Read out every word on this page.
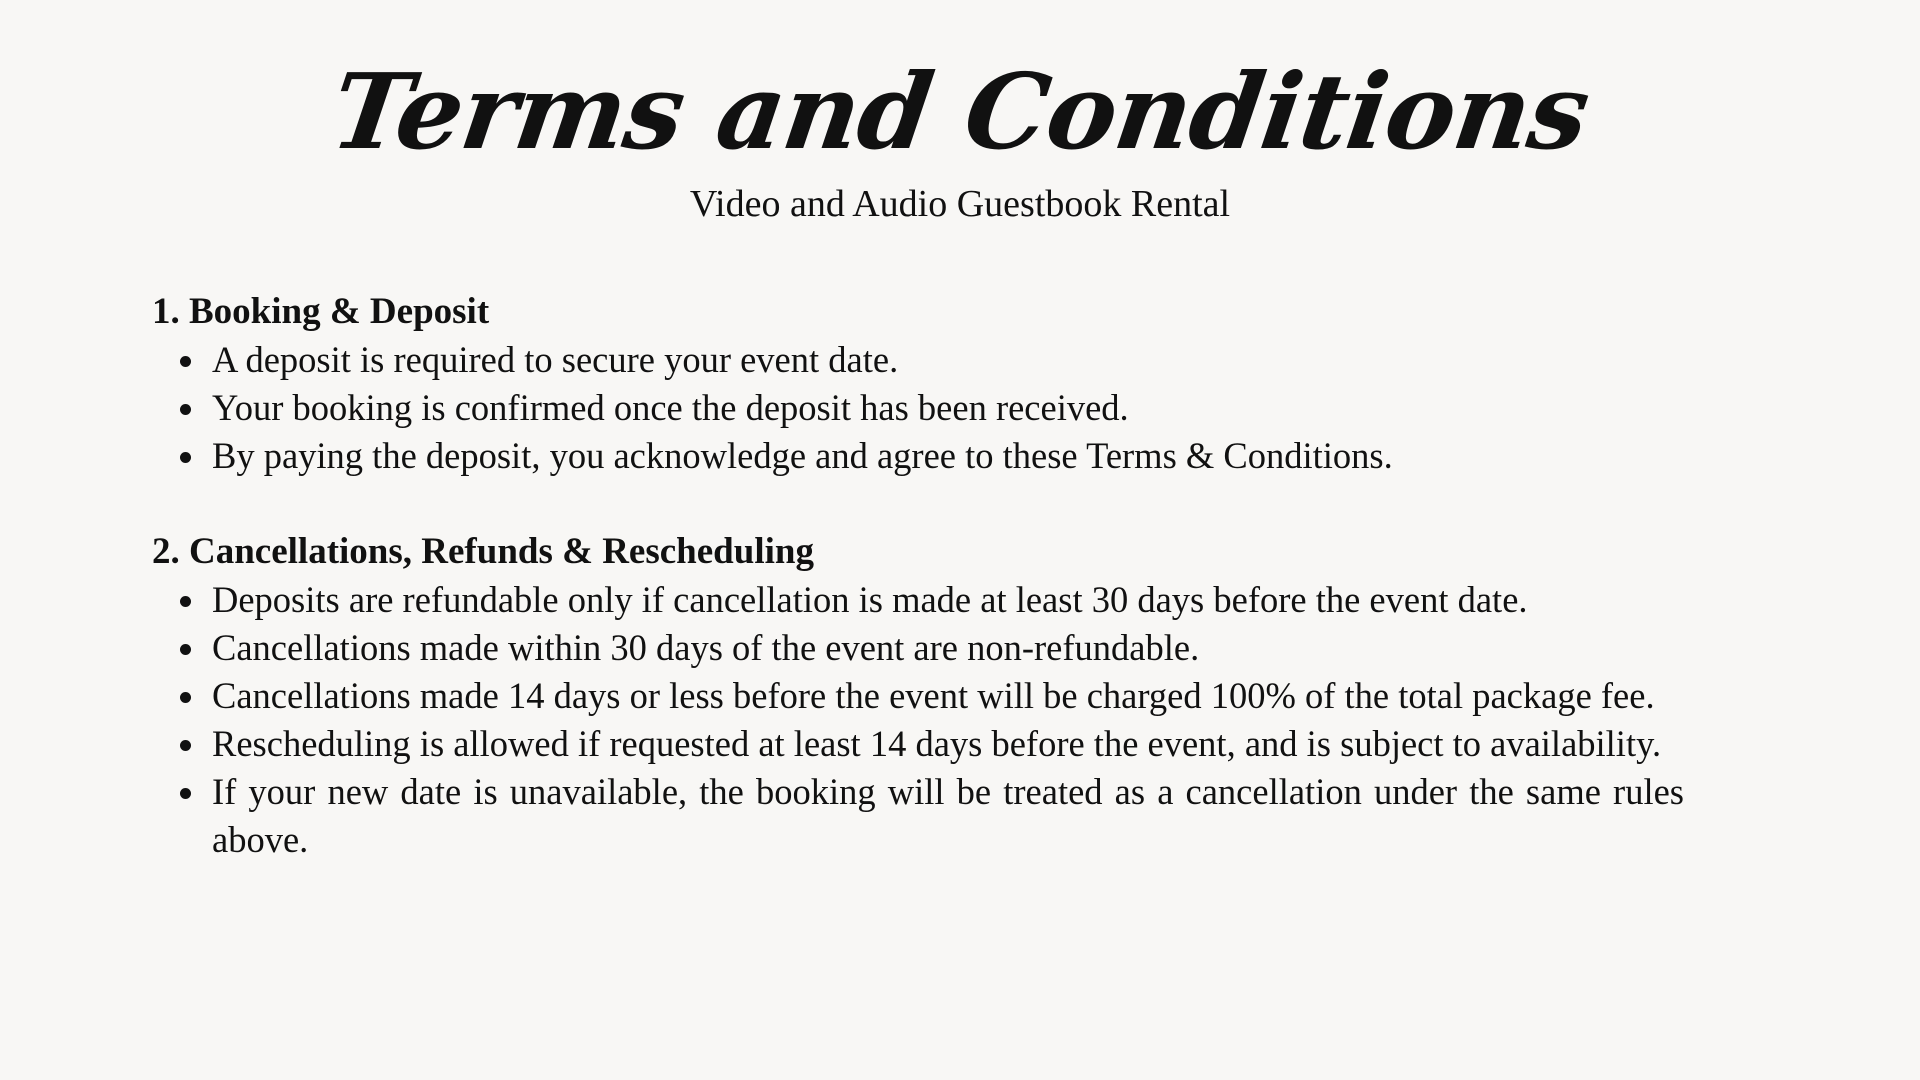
Terms and Conditions
Video and Audio Guestbook Rental
1. Booking & Deposit
A deposit is required to secure your event date.
Your booking is confirmed once the deposit has been received.
By paying the deposit, you acknowledge and agree to these Terms & Conditions.
2. Cancellations, Refunds & Rescheduling
Deposits are refundable only if cancellation is made at least 30 days before the event date.
Cancellations made within 30 days of the event are non-refundable.
Cancellations made 14 days or less before the event will be charged 100% of the total package fee.
Rescheduling is allowed if requested at least 14 days before the event, and is subject to availability.
If your new date is unavailable, the booking will be treated as a cancellation under the same rules above.
